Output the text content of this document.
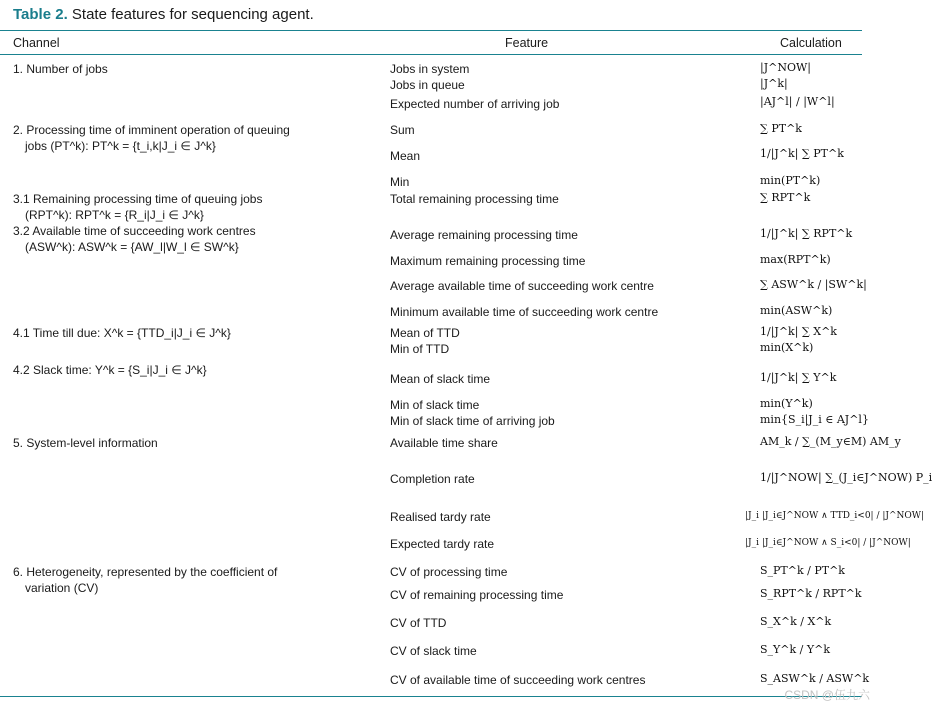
Table 2. State features for sequencing agent.
Channel	Feature	Calculation
1. Number of jobs
2. Processing time of imminent operation of queuing
jobs (PT^k): PT^k = {t_i,k|J_i ∈ J^k}
3.1 Remaining processing time of queuing jobs
(RPT^k): RPT^k = {R_i|J_i ∈ J^k}
3.2 Available time of succeeding work centres
(ASW^k): ASW^k = {AW_l|W_l ∈ SW^k}
4.1 Time till due: X^k = {TTD_i|J_i ∈ J^k}
4.2 Slack time: Y^k = {S_i|J_i ∈ J^k}
5. System-level information
6. Heterogeneity, represented by the coefficient of
variation (CV)
Jobs in system
Jobs in queue
Expected number of arriving job
Sum
Mean
Min
Total remaining processing time
Average remaining processing time
Maximum remaining processing time
Average available time of succeeding work centre
Minimum available time of succeeding work centre
Mean of TTD
Min of TTD
Mean of slack time
Min of slack time
Min of slack time of arriving job
Available time share
Completion rate
Realised tardy rate
Expected tardy rate
CV of processing time
CV of remaining processing time
CV of TTD
CV of slack time
CV of available time of succeeding work centres
|J^NOW|
|J^k|
|AJ^l| / |W^l|
∑ PT^k
1/|J^k| ∑ PT^k
min(PT^k)
∑ RPT^k
1/|J^k| ∑ RPT^k
max(RPT^k)
∑ ASW^k / |SW^k|
min(ASW^k)
1/|J^k| ∑ X^k
min(X^k)
1/|J^k| ∑ Y^k
min(Y^k)
min{S_i|J_i ∈ AJ^l}
AM_k / ∑_(M_y∈M) AM_y
1/|J^NOW| ∑_(J_i∈J^NOW) P_i
|J_i |J_i∈J^NOW ∧ TTD_i<0| / |J^NOW|
|J_i |J_i∈J^NOW ∧ S_i<0| / |J^NOW|
S_PT^k / PT^k
S_RPT^k / RPT^k
S_X^k / X^k
S_Y^k / Y^k
S_ASW^k / ASW^k
CSDN @伍九六
